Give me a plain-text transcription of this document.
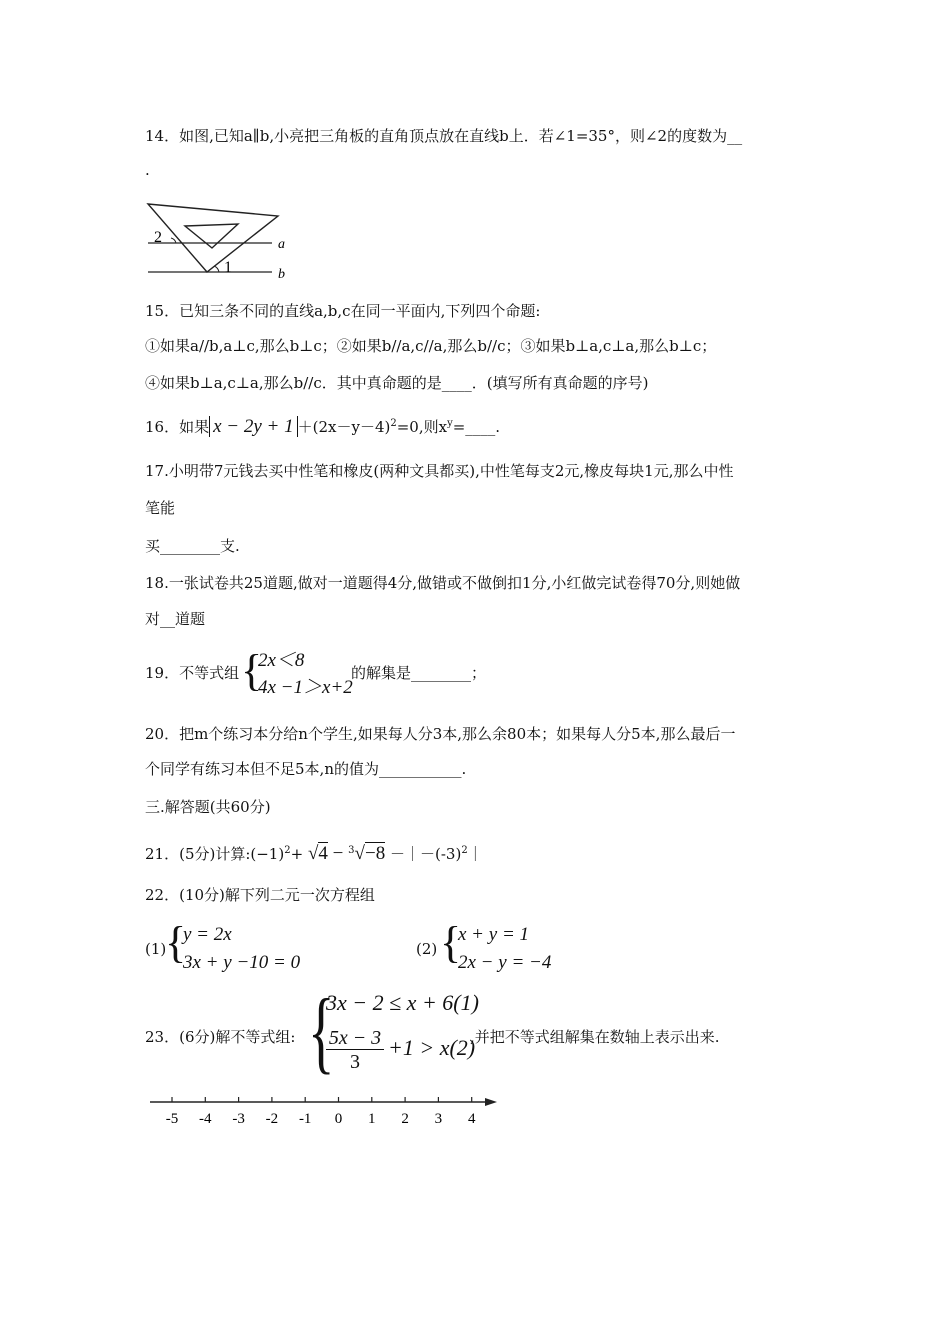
14．如图,已知a∥b,小亮把三角板的直角顶点放在直线b上．若∠1=35°，则∠2的度数为__
.
2
1
a
b
15．已知三条不同的直线a,b,c在同一平面内,下列四个命题:
①如果a//b,a⊥c,那么b⊥c；②如果b//a,c//a,那么b//c；③如果b⊥a,c⊥a,那么b⊥c；
④如果b⊥a,c⊥a,那么b//c．其中真命题的是____．(填写所有真命题的序号)
16．如果 $x - 2y + 1 +(2x-y-4)^2=0$,则$x^y=\_\_\_\_$.
17.小明带7元钱去买中性笔和橡皮(两种文具都买),中性笔每支2元,橡皮每块1元,那么中性
笔能
买________支.
18.一张试卷共25道题,做对一道题得4分,做错或不做倒扣1分,小红做完试卷得70分,则她做
对__道题
19．不等式组 {
2x＜8
4x −1＞x+2
的解集是________；
20．把m个练习本分给n个学生,如果每人分3本,那么余80本；如果每人分5本,那么最后一
个同学有练习本但不足5本,n的值为___________.
三.解答题(共60分)
21．(5分)计算$:(-1)^2+ √4 - ^3√-8$ $-|-(-3)^2|$
22．(10分)解下列二元一次方程组
(1)
{
y = 2x
3x + y −10 = 0
(2) {
x + y = 1
2x − y = −4
23．(6分)解不等式组: {
3x − 2 ≤ x + 6(1)
$\frac{5x - 3}{3} +1 > x(2)$
,并把不等式组解集在数轴上表示出来.
-5 -4 -3 -2 -1 0 1 2 3 4
